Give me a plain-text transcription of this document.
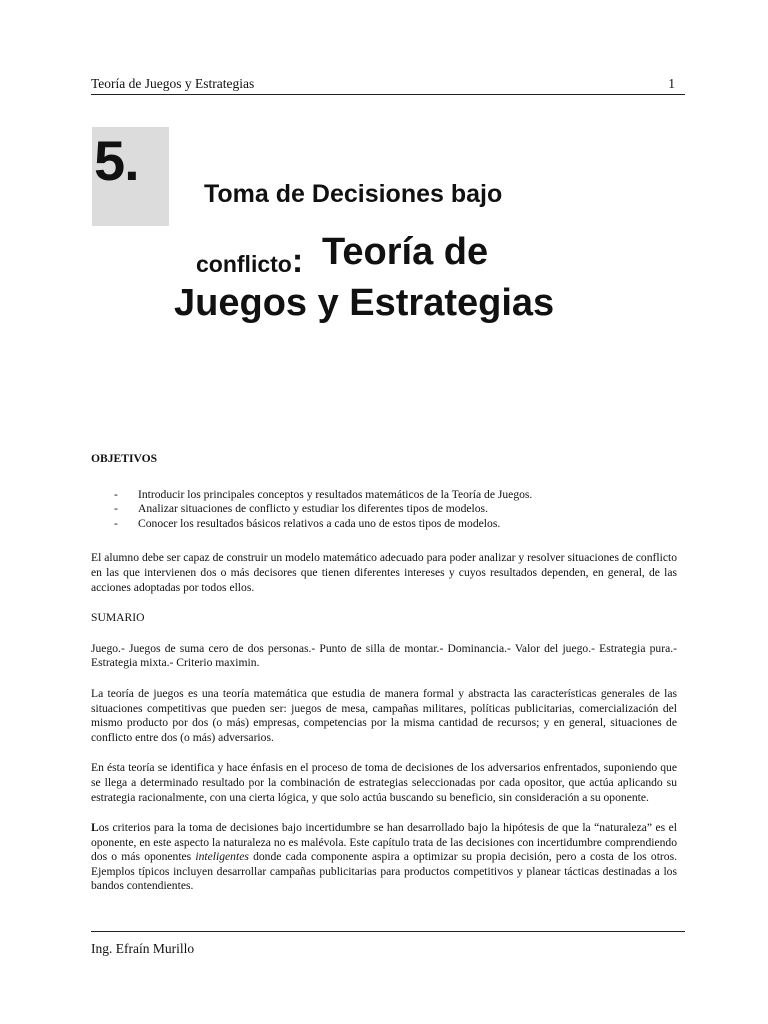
Teoría de Juegos y Estrategias	1
5.
Toma de Decisiones bajo
conflicto: Teoría de
Juegos y Estrategias

OBJETIVOS

- Introducir los principales conceptos y resultados matemáticos de la Teoría de Juegos.
- Analizar situaciones de conflicto y estudiar los diferentes tipos de modelos.
- Conocer los resultados básicos relativos a cada uno de estos tipos de modelos.

El alumno debe ser capaz de construir un modelo matemático adecuado para poder analizar y resolver situaciones de conflicto en las que intervienen dos o más decisores que tienen diferentes intereses y cuyos resultados dependen, en general, de las acciones adoptadas por todos ellos.

SUMARIO

Juego.- Juegos de suma cero de dos personas.- Punto de silla de montar.- Dominancia.- Valor del juego.- Estrategia pura.- Estrategia mixta.- Criterio maximin.

La teoría de juegos es una teoría matemática que estudia de manera formal y abstracta las características generales de las situaciones competitivas que pueden ser: juegos de mesa, campañas militares, políticas publicitarias, comercialización del mismo producto por dos (o más) empresas, competencias por la misma cantidad de recursos; y en general, situaciones de conflicto entre dos (o más) adversarios.

En ésta teoría se identifica y hace énfasis en el proceso de toma de decisiones de los adversarios enfrentados, suponiendo que se llega a determinado resultado por la combinación de estrategias seleccionadas por cada opositor, que actúa aplicando su estrategia racionalmente, con una cierta lógica, y que solo actúa buscando su beneficio, sin consideración a su oponente.

Los criterios para la toma de decisiones bajo incertidumbre se han desarrollado bajo la hipótesis de que la “naturaleza” es el oponente, en este aspecto la naturaleza no es malévola. Este capítulo trata de las decisiones con incertidumbre comprendiendo dos o más oponentes inteligentes donde cada componente aspira a optimizar su propia decisión, pero a costa de los otros. Ejemplos típicos incluyen desarrollar campañas publicitarias para productos competitivos y planear tácticas destinadas a los bandos contendientes.

Ing. Efraín Murillo
